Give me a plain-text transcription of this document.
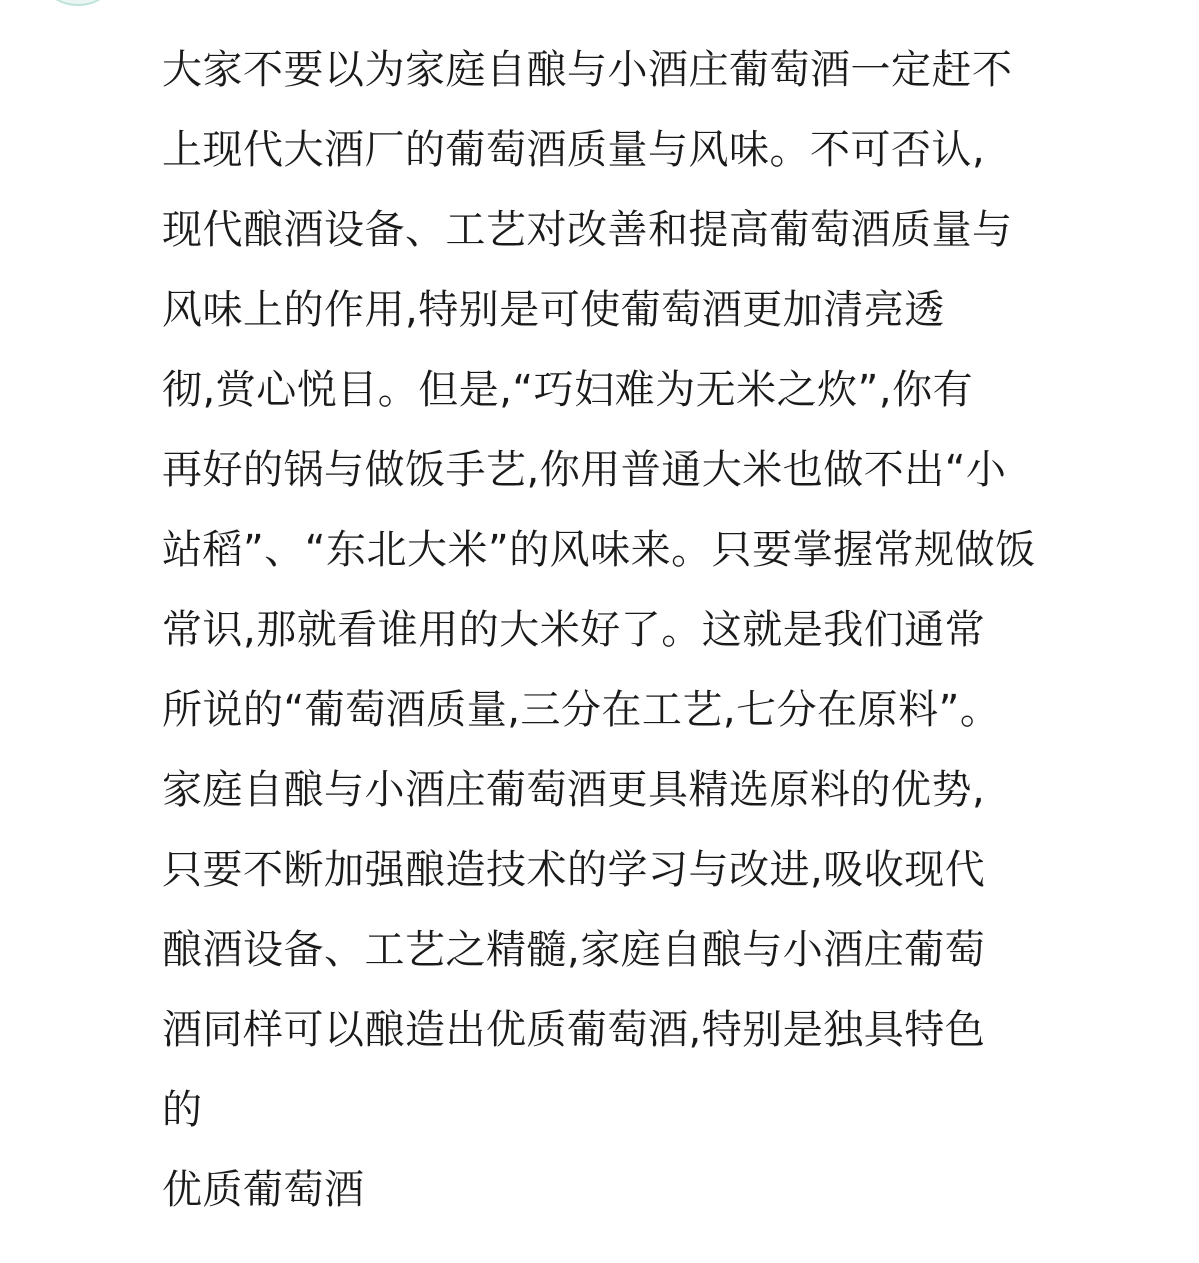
大家不要以为家庭自酿与小酒庄葡萄酒一定赶不
上现代大酒厂的葡萄酒质量与风味。不可否认,
现代酿酒设备、工艺对改善和提高葡萄酒质量与
风味上的作用,特别是可使葡萄酒更加清亮透
彻,赏心悦目。但是,“巧妇难为无米之炊”,你有
再好的锅与做饭手艺,你用普通大米也做不出“小
站稻”、“东北大米”的风味来。只要掌握常规做饭
常识,那就看谁用的大米好了。这就是我们通常
所说的“葡萄酒质量,三分在工艺,七分在原料”。
家庭自酿与小酒庄葡萄酒更具精选原料的优势,
只要不断加强酿造技术的学习与改进,吸收现代
酿酒设备、工艺之精髓,家庭自酿与小酒庄葡萄
酒同样可以酿造出优质葡萄酒,特别是独具特色
的
优质葡萄酒
